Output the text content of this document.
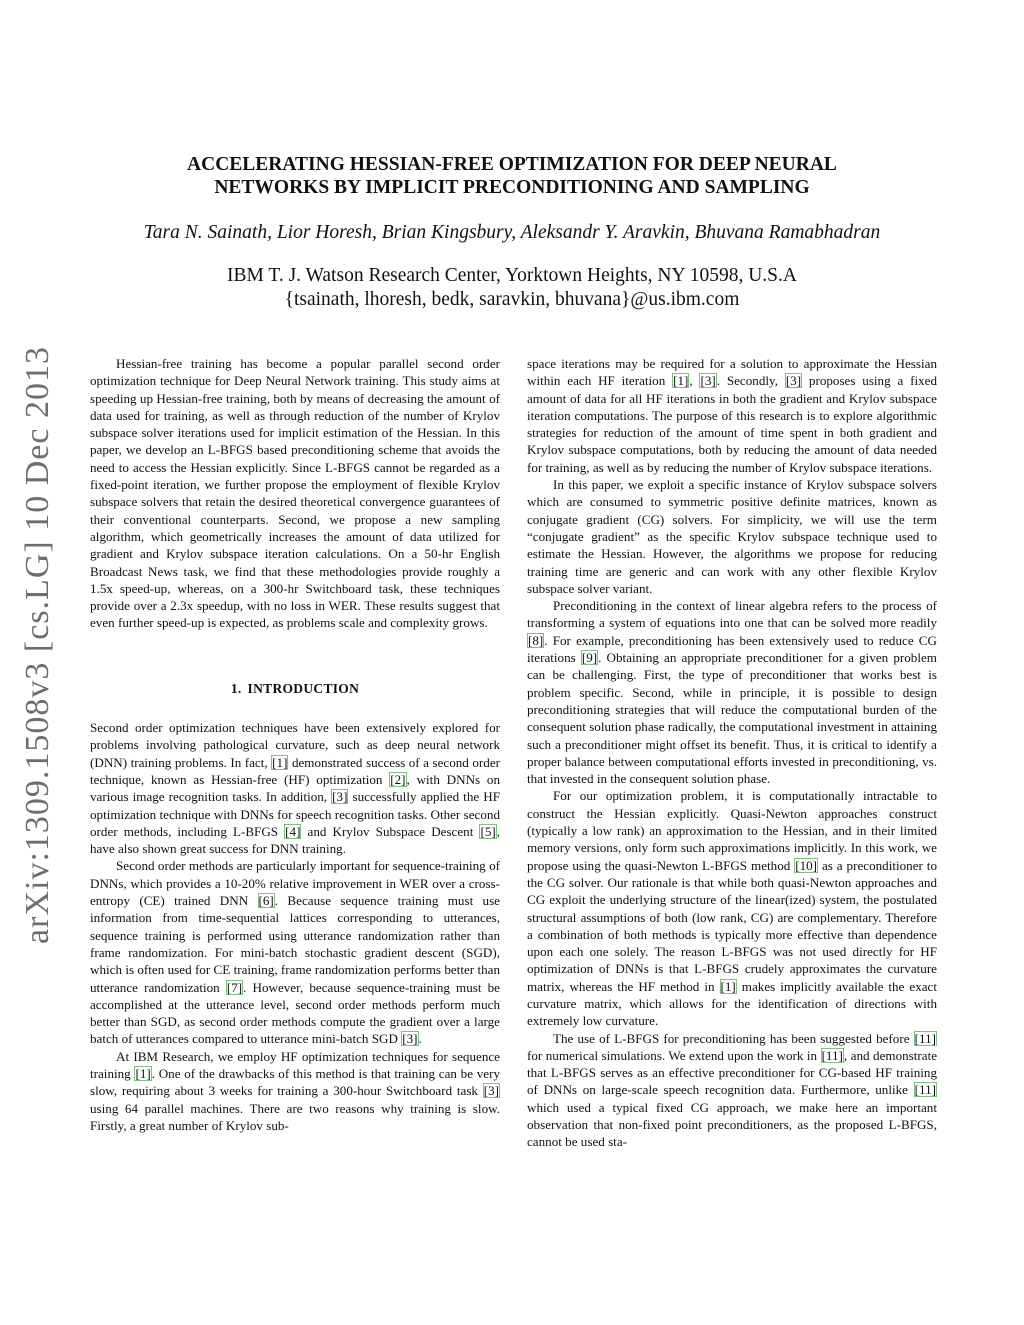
arXiv:1309.1508v3 [cs.LG] 10 Dec 2013
ACCELERATING HESSIAN-FREE OPTIMIZATION FOR DEEP NEURAL
NETWORKS BY IMPLICIT PRECONDITIONING AND SAMPLING
Tara N. Sainath, Lior Horesh, Brian Kingsbury, Aleksandr Y. Aravkin, Bhuvana Ramabhadran
IBM T. J. Watson Research Center, Yorktown Heights, NY 10598, U.S.A
{tsainath, lhoresh, bedk, saravkin, bhuvana}@us.ibm.com

Hessian-free training has become a popular parallel second order optimization technique for Deep Neural Network training. This study aims at speeding up Hessian-free training, both by means of decreasing the amount of data used for training, as well as through reduction of the number of Krylov subspace solver iterations used for implicit estimation of the Hessian. In this paper, we develop an L-BFGS based preconditioning scheme that avoids the need to access the Hessian explicitly. Since L-BFGS cannot be regarded as a fixed-point iteration, we further propose the employment of flexible Krylov subspace solvers that retain the desired theoretical convergence guarantees of their conventional counterparts. Second, we propose a new sampling algorithm, which geometrically increases the amount of data utilized for gradient and Krylov subspace iteration calculations. On a 50-hr English Broadcast News task, we find that these methodologies provide roughly a 1.5x speed-up, whereas, on a 300-hr Switchboard task, these techniques provide over a 2.3x speedup, with no loss in WER. These results suggest that even further speed-up is expected, as problems scale and complexity grows.

1. INTRODUCTION

Second order optimization techniques have been extensively explored for problems involving pathological curvature, such as deep neural network (DNN) training problems. In fact, [1] demonstrated success of a second order technique, known as Hessian-free (HF) optimization [2], with DNNs on various image recognition tasks. In addition, [3] successfully applied the HF optimization technique with DNNs for speech recognition tasks. Other second order methods, including L-BFGS [4] and Krylov Subspace Descent [5], have also shown great success for DNN training.

Second order methods are particularly important for sequence-training of DNNs, which provides a 10-20% relative improvement in WER over a cross-entropy (CE) trained DNN [6]. Because sequence training must use information from time-sequential lattices corresponding to utterances, sequence training is performed using utterance randomization rather than frame randomization. For mini-batch stochastic gradient descent (SGD), which is often used for CE training, frame randomization performs better than utterance randomization [7]. However, because sequence-training must be accomplished at the utterance level, second order methods perform much better than SGD, as second order methods compute the gradient over a large batch of utterances compared to utterance mini-batch SGD [3].

At IBM Research, we employ HF optimization techniques for sequence training [1]. One of the drawbacks of this method is that training can be very slow, requiring about 3 weeks for training a 300-hour Switchboard task [3] using 64 parallel machines. There are two reasons why training is slow. Firstly, a great number of Krylov sub-

space iterations may be required for a solution to approximate the Hessian within each HF iteration [1], [3]. Secondly, [3] proposes using a fixed amount of data for all HF iterations in both the gradient and Krylov subspace iteration computations. The purpose of this research is to explore algorithmic strategies for reduction of the amount of time spent in both gradient and Krylov subspace computations, both by reducing the amount of data needed for training, as well as by reducing the number of Krylov subspace iterations.

In this paper, we exploit a specific instance of Krylov subspace solvers which are consumed to symmetric positive definite matrices, known as conjugate gradient (CG) solvers. For simplicity, we will use the term “conjugate gradient” as the specific Krylov subspace technique used to estimate the Hessian. However, the algorithms we propose for reducing training time are generic and can work with any other flexible Krylov subspace solver variant.

Preconditioning in the context of linear algebra refers to the process of transforming a system of equations into one that can be solved more readily [8]. For example, preconditioning has been extensively used to reduce CG iterations [9]. Obtaining an appropriate preconditioner for a given problem can be challenging. First, the type of preconditioner that works best is problem specific. Second, while in principle, it is possible to design preconditioning strategies that will reduce the computational burden of the consequent solution phase radically, the computational investment in attaining such a preconditioner might offset its benefit. Thus, it is critical to identify a proper balance between computational efforts invested in preconditioning, vs. that invested in the consequent solution phase.

For our optimization problem, it is computationally intractable to construct the Hessian explicitly. Quasi-Newton approaches construct (typically a low rank) an approximation to the Hessian, and in their limited memory versions, only form such approximations implicitly. In this work, we propose using the quasi-Newton L-BFGS method [10] as a preconditioner to the CG solver. Our rationale is that while both quasi-Newton approaches and CG exploit the underlying structure of the linear(ized) system, the postulated structural assumptions of both (low rank, CG) are complementary. Therefore a combination of both methods is typically more effective than dependence upon each one solely. The reason L-BFGS was not used directly for HF optimization of DNNs is that L-BFGS crudely approximates the curvature matrix, whereas the HF method in [1] makes implicitly available the exact curvature matrix, which allows for the identification of directions with extremely low curvature.

The use of L-BFGS for preconditioning has been suggested before [11] for numerical simulations. We extend upon the work in [11], and demonstrate that L-BFGS serves as an effective preconditioner for CG-based HF training of DNNs on large-scale speech recognition data. Furthermore, unlike [11] which used a typical fixed CG approach, we make here an important observation that non-fixed point preconditioners, as the proposed L-BFGS, cannot be used sta-
